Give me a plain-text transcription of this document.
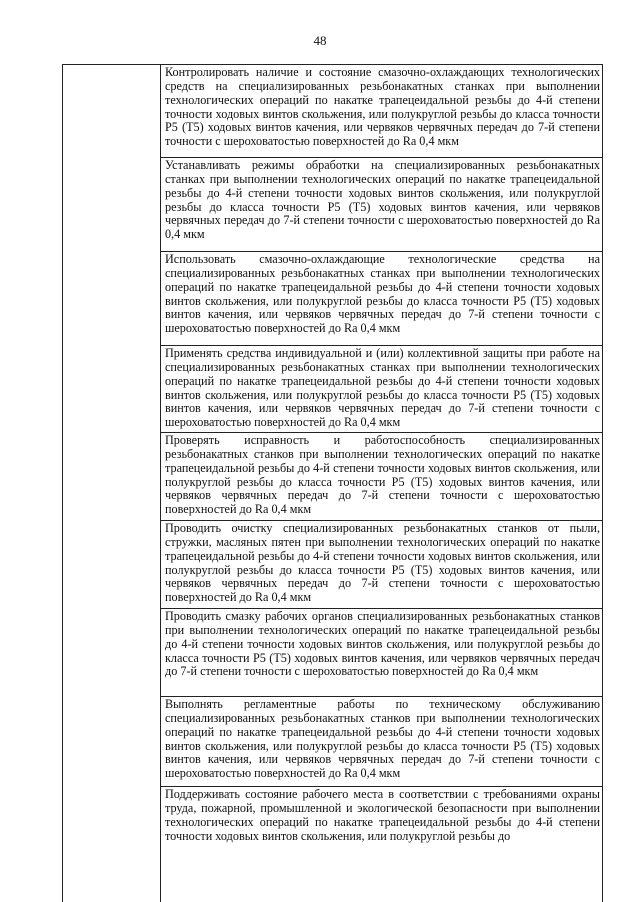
48
Контролировать наличие и состояние смазочно-охлаждающих технологических средств на специализированных резьбонакатных станках при выполнении технологических операций по накатке трапецеидальной резьбы до 4-й степени точности ходовых винтов скольжения, или полукруглой резьбы до класса точности P5 (T5) ходовых винтов качения, или червяков червячных передач до 7-й степени точности с шероховатостью поверхностей до Ra 0,4 мкм
Устанавливать режимы обработки на специализированных резьбонакатных станках при выполнении технологических операций по накатке трапецеидальной резьбы до 4-й степени точности ходовых винтов скольжения, или полукруглой резьбы до класса точности P5 (T5) ходовых винтов качения, или червяков червячных передач до 7-й степени точности с шероховатостью поверхностей до Ra 0,4 мкм
Использовать смазочно-охлаждающие технологические средства на специализированных резьбонакатных станках при выполнении технологических операций по накатке трапецеидальной резьбы до 4-й степени точности ходовых винтов скольжения, или полукруглой резьбы до класса точности P5 (T5) ходовых винтов качения, или червяков червячных передач до 7-й степени точности с шероховатостью поверхностей до Ra 0,4 мкм
Применять средства индивидуальной и (или) коллективной защиты при работе на специализированных резьбонакатных станках при выполнении технологических операций по накатке трапецеидальной резьбы до 4-й степени точности ходовых винтов скольжения, или полукруглой резьбы до класса точности P5 (T5) ходовых винтов качения, или червяков червячных передач до 7-й степени точности с шероховатостью поверхностей до Ra 0,4 мкм
Проверять исправность и работоспособность специализированных резьбонакатных станков при выполнении технологических операций по накатке трапецеидальной резьбы до 4-й степени точности ходовых винтов скольжения, или полукруглой резьбы до класса точности P5 (T5) ходовых винтов качения, или червяков червячных передач до 7-й степени точности с шероховатостью поверхностей до Ra 0,4 мкм
Проводить очистку специализированных резьбонакатных станков от пыли, стружки, масляных пятен при выполнении технологических операций по накатке трапецеидальной резьбы до 4-й степени точности ходовых винтов скольжения, или полукруглой резьбы до класса точности P5 (T5) ходовых винтов качения, или червяков червячных передач до 7-й степени точности с шероховатостью поверхностей до Ra 0,4 мкм
Проводить смазку рабочих органов специализированных резьбонакатных станков при выполнении технологических операций по накатке трапецеидальной резьбы до 4-й степени точности ходовых винтов скольжения, или полукруглой резьбы до класса точности P5 (T5) ходовых винтов качения, или червяков червячных передач до 7-й степени точности с шероховатостью поверхностей до Ra 0,4 мкм
Выполнять регламентные работы по техническому обслуживанию специализированных резьбонакатных станков при выполнении технологических операций по накатке трапецеидальной резьбы до 4-й степени точности ходовых винтов скольжения, или полукруглой резьбы до класса точности P5 (T5) ходовых винтов качения, или червяков червячных передач до 7-й степени точности с шероховатостью поверхностей до Ra 0,4 мкм
Поддерживать состояние рабочего места в соответствии с требованиями охраны труда, пожарной, промышленной и экологической безопасности при выполнении технологических операций по накатке трапецеидальной резьбы до 4-й степени точности ходовых винтов скольжения, или полукруглой резьбы до
